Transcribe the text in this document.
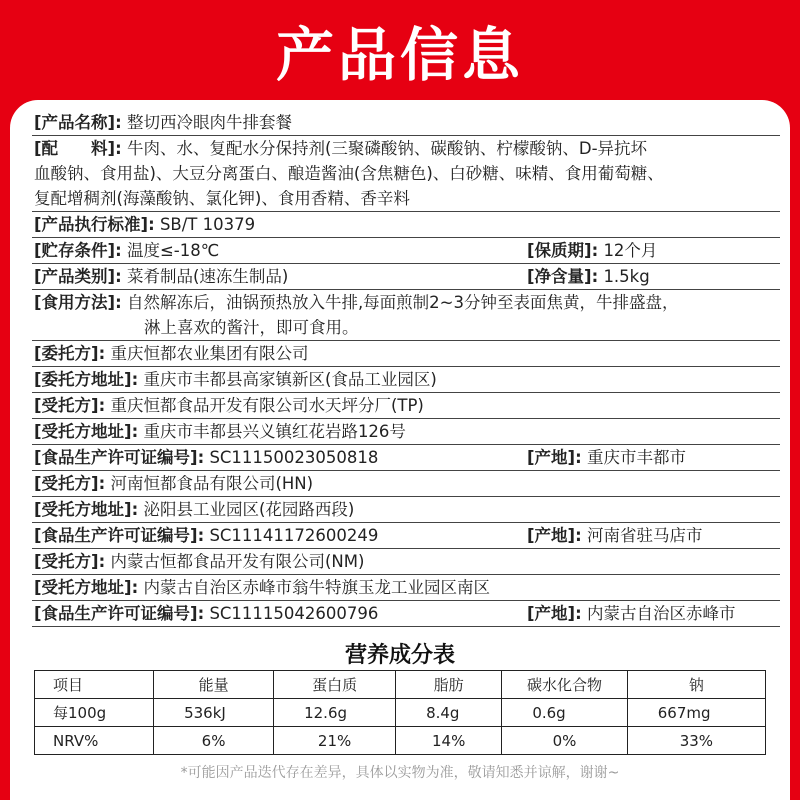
产品信息
[产品名称]: 整切西冷眼肉牛排套餐
[配　　料]: 牛肉、水、复配水分保持剂(三聚磷酸钠、碳酸钠、柠檬酸钠、D-异抗坏
血酸钠、食用盐)、大豆分离蛋白、酿造酱油(含焦糖色)、白砂糖、味精、食用葡萄糖、
复配增稠剂(海藻酸钠、氯化钾)、食用香精、香辛料
[产品执行标准]: SB/T 10379
[贮存条件]: 温度≤-18℃	[保质期]: 12个月
[产品类别]: 菜肴制品(速冻生制品)	[净含量]: 1.5kg
[食用方法]: 自然解冻后，油锅预热放入牛排,每面煎制2~3分钟至表面焦黄，牛排盛盘，
淋上喜欢的酱汁，即可食用。
[委托方]: 重庆恒都农业集团有限公司
[委托方地址]: 重庆市丰都县高家镇新区(食品工业园区)
[受托方]: 重庆恒都食品开发有限公司水天坪分厂(TP)
[受托方地址]: 重庆市丰都县兴义镇红花岩路126号
[食品生产许可证编号]: SC11150023050818	[产地]: 重庆市丰都市
[受托方]: 河南恒都食品有限公司(HN)
[受托方地址]: 泌阳县工业园区(花园路西段)
[食品生产许可证编号]: SC11141172600249	[产地]: 河南省驻马店市
[受托方]: 内蒙古恒都食品开发有限公司(NM)
[受托方地址]: 内蒙古自治区赤峰市翁牛特旗玉龙工业园区南区
[食品生产许可证编号]: SC11115042600796	[产地]: 内蒙古自治区赤峰市
营养成分表
项目	能量	蛋白质	脂肪	碳水化合物	钠
每100g	536kJ	12.6g	8.4g	0.6g	667mg
NRV%	6%	21%	14%	0%	33%
*可能因产品迭代存在差异，具体以实物为准，敬请知悉并谅解，谢谢~
